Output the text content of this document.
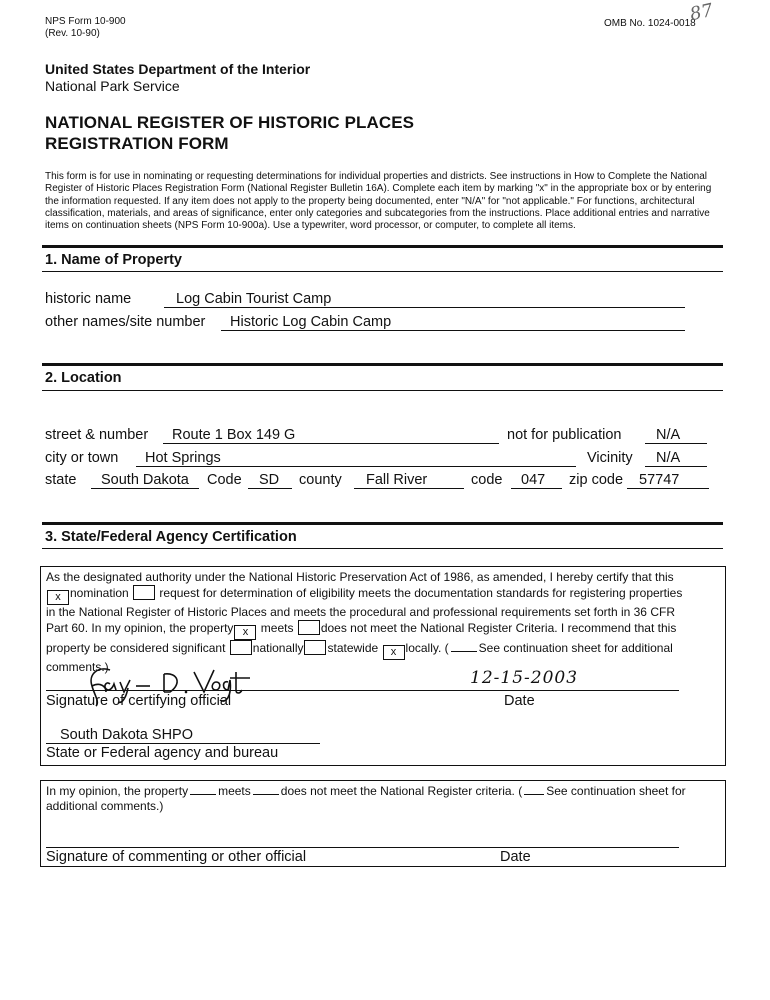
NPS Form 10-900
(Rev. 10-90)
OMB No. 1024-0018
87
United States Department of the Interior
National Park Service
NATIONAL REGISTER OF HISTORIC PLACES
REGISTRATION FORM
This form is for use in nominating or requesting determinations for individual properties and districts. See instructions in How to Complete the National
Register of Historic Places Registration Form (National Register Bulletin 16A). Complete each item by marking "x" in the appropriate box or by entering
the information requested. If any item does not apply to the property being documented, enter "N/A" for "not applicable." For functions, architectural
classification, materials, and areas of significance, enter only categories and subcategories from the instructions. Place additional entries and narrative
items on continuation sheets (NPS Form 10-900a). Use a typewriter, word processor, or computer, to complete all items.
1. Name of Property
historic name	Log Cabin Tourist Camp
other names/site number Historic Log Cabin Camp
2. Location
street & number Route 1 Box 149 G	not for publication N/A
city or town Hot Springs	Vicinity N/A
state South Dakota Code SD county Fall River	code 047 zip code 57747
3. State/Federal Agency Certification
As the designated authority under the National Historic Preservation Act of 1986, as amended, I hereby certify that this
x nomination	request for determination of eligibility meets the documentation standards for registering properties
in the National Register of Historic Places and meets the procedural and professional requirements set forth in 36 CFR
Part 60. In my opinion, the property x meets does not meet the National Register Criteria. I recommend that this
property be considered significant nationally statewide x locally. (	See continuation sheet for additional
comments.)
12-15-2003
Signature of certifying official	Date
South Dakota SHPO
State or Federal agency and bureau
In my opinion, the property	meets	does not meet the National Register criteria. ( See continuation sheet for
additional comments.)
Signature of commenting or other official	Date
